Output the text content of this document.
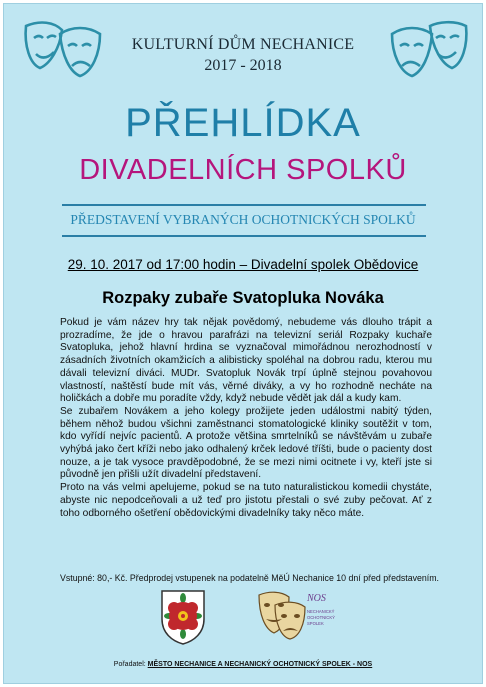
KULTURNÍ DŮM NECHANICE
2017 - 2018
PŘEHLÍDKA
DIVADELNÍCH SPOLKŮ
PŘEDSTAVENÍ VYBRANÝCH OCHOTNICKÝCH SPOLKŮ
29. 10. 2017 od 17:00 hodin – Divadelní spolek Obědovice
Rozpaky zubaře Svatopluka Nováka

Pokud je vám název hry tak nějak povědomý, nebudeme vás dlouho trápit a prozradíme, že jde o hravou parafrázi na televizní seriál Rozpaky kuchaře Svatopluka, jehož hlavní hrdina se vyznačoval mimořádnou nerozhodností v zásadních životních okamžicích a alibisticky spoléhal na dobrou radu, kterou mu dávali televizní diváci. MUDr. Svatopluk Novák trpí úplně stejnou povahovou vlastností, naštěstí bude mít vás, věrné diváky, a vy ho rozhodně necháte na holičkách a dobře mu poradíte vždy, když nebude vědět jak dál a kudy kam.

Se zubařem Novákem a jeho kolegy prožijete jeden událostmi nabitý týden, během něhož budou všichni zaměstnanci stomatologické kliniky soutěžit v tom, kdo vyřídí nejvíc pacientů. A protože většina smrtelníků se návštěvám u zubaře vyhýbá jako čert kříži nebo jako odhalený krček ledové tříšti, bude o pacienty dost nouze, a je tak vysoce pravděpodobné, že se mezi nimi ocitnete i vy, kteří jste si původně jen přišli užít divadelní představení.

Proto na vás velmi apelujeme, pokud se na tuto naturalistickou komedii chystáte, abyste nic nepodceňovali a už teď pro jistotu přestali o své zuby pečovat. Ať z toho odborného ošetření obědovickými divadelníky taky něco máte.

Vstupné: 80,- Kč. Předprodej vstupenek na podatelně MěÚ Nechanice 10 dní před představením.
NOS
NECHANICKÝ
OCHOTNICKÝ
SPOLEK
Pořadatel: MĚSTO NECHANICE A NECHANICKÝ OCHOTNICKÝ SPOLEK - NOS
